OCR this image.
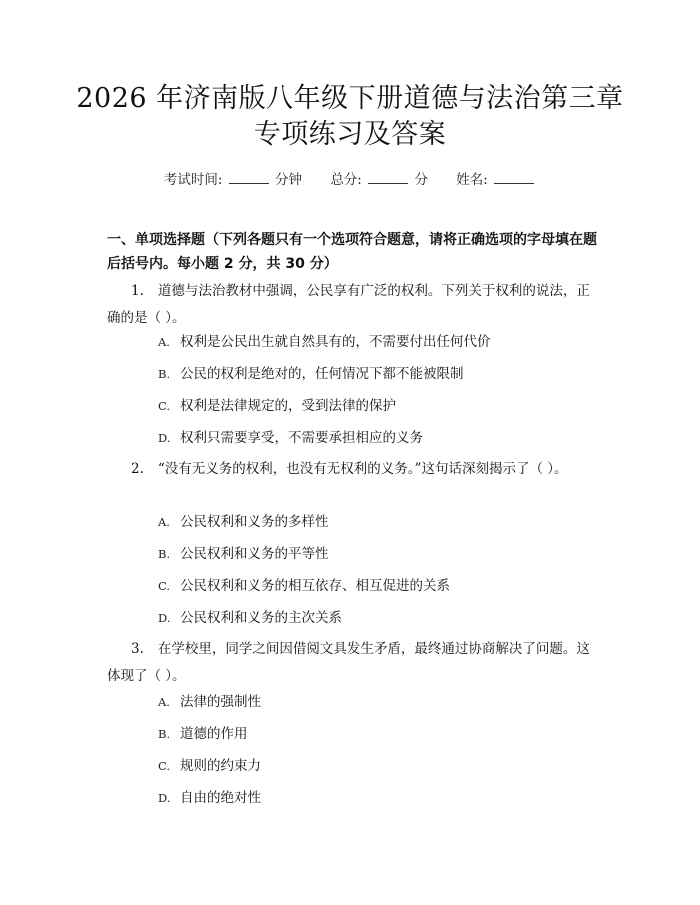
2026 年济南版八年级下册道德与法治第三章
专项练习及答案
考试时间:	分钟 总分:	分 姓名:
一、单项选择题（下列各题只有一个选项符合题意，请将正确选项的字母填在题后括号内。每小题 2 分，共 30 分）
1. 道德与法治教材中强调，公民享有广泛的权利。下列关于权利的说法，正确的是（ ）。
A. 权利是公民出生就自然具有的，不需要付出任何代价
B. 公民的权利是绝对的，任何情况下都不能被限制
C. 权利是法律规定的，受到法律的保护
D. 权利只需要享受，不需要承担相应的义务
2. “没有无义务的权利，也没有无权利的义务。”这句话深刻揭示了（ ）。
A. 公民权利和义务的多样性
B. 公民权利和义务的平等性
C. 公民权利和义务的相互依存、相互促进的关系
D. 公民权利和义务的主次关系
3. 在学校里，同学之间因借阅文具发生矛盾，最终通过协商解决了问题。这体现了（ ）。
A. 法律的强制性
B. 道德的作用
C. 规则的约束力
D. 自由的绝对性
